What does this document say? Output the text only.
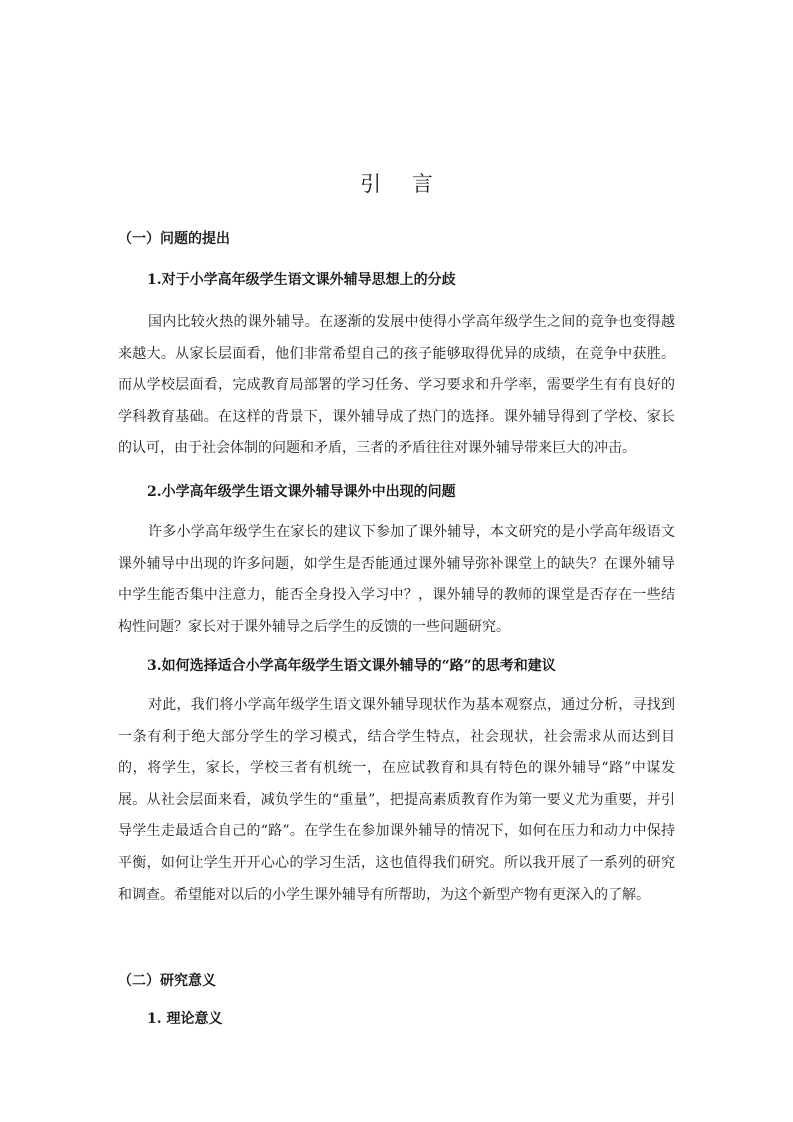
引 言
（一）问题的提出
1.对于小学高年级学生语文课外辅导思想上的分歧

国内比较火热的课外辅导。在逐渐的发展中使得小学高年级学生之间的竞争也变得越来越大。从家长层面看，他们非常希望自己的孩子能够取得优异的成绩，在竞争中获胜。而从学校层面看，完成教育局部署的学习任务、学习要求和升学率，需要学生有有良好的学科教育基础。在这样的背景下，课外辅导成了热门的选择。课外辅导得到了学校、家长的认可，由于社会体制的问题和矛盾，三者的矛盾往往对课外辅导带来巨大的冲击。

2.小学高年级学生语文课外辅导课外中出现的问题

许多小学高年级学生在家长的建议下参加了课外辅导，本文研究的是小学高年级语文课外辅导中出现的许多问题，如学生是否能通过课外辅导弥补课堂上的缺失？在课外辅导中学生能否集中注意力，能否全身投入学习中？，课外辅导的教师的课堂是否存在一些结构性问题？家长对于课外辅导之后学生的反馈的一些问题研究。

3.如何选择适合小学高年级学生语文课外辅导的“路”的思考和建议

对此，我们将小学高年级学生语文课外辅导现状作为基本观察点，通过分析，寻找到一条有利于绝大部分学生的学习模式，结合学生特点，社会现状，社会需求从而达到目的，将学生，家长，学校三者有机统一，在应试教育和具有特色的课外辅导“路”中谋发展。从社会层面来看，减负学生的“重量”，把提高素质教育作为第一要义尤为重要，并引导学生走最适合自己的“路”。在学生在参加课外辅导的情况下，如何在压力和动力中保持平衡，如何让学生开开心心的学习生活，这也值得我们研究。所以我开展了一系列的研究和调查。希望能对以后的小学生课外辅导有所帮助，为这个新型产物有更深入的了解。

（二）研究意义
1. 理论意义
